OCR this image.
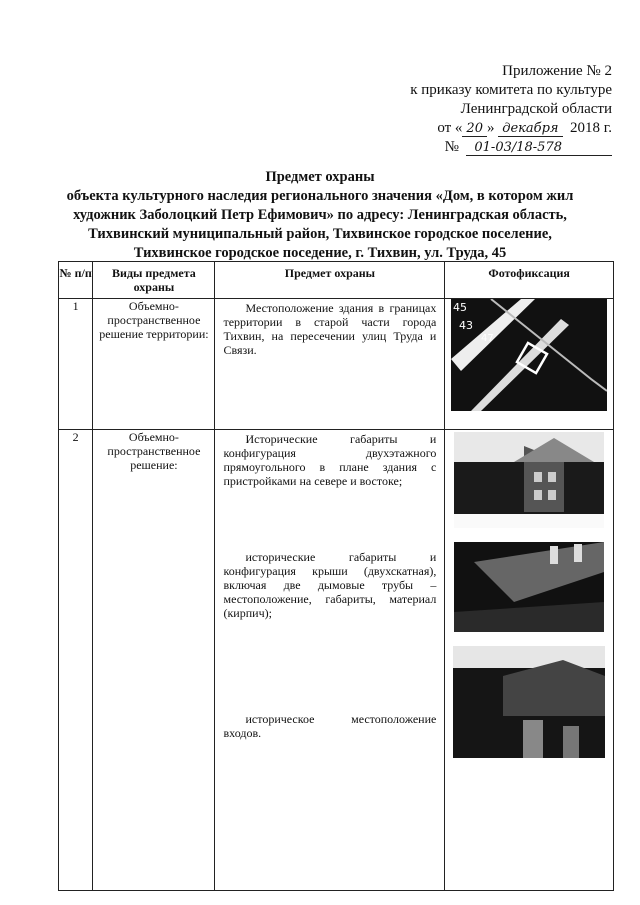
Приложение № 2
к приказу комитета по культуре
Ленинградской области
от « 20 » декабря 2018 г.
№ 01-03/18-578
Предмет охраны
объекта культурного наследия регионального значения «Дом, в котором жил
художник Заболоцкий Петр Ефимович» по адресу: Ленинградская область,
Тихвинский муниципальный район, Тихвинское городское поселение,
Тихвинское городское поседение, г. Тихвин, ул. Труда, 45
№ п/п	Виды предмета охраны	Предмет охраны	Фотофиксация
1	Объемно-пространственное решение территории:	Местоположение здания в границах территории в старой части города Тихвин, на пересечении улиц Труда и Связи.	45
43
47

2	Объемно-пространственное решение:	Исторические габариты и конфигурация двухэтажного прямоугольного в плане здания с пристройками на севере и востоке;
исторические габариты и конфигурация крыши (двухскатная), включая две дымовые трубы – местоположение, габариты, материал (кирпич);
историческое местоположение входов.
